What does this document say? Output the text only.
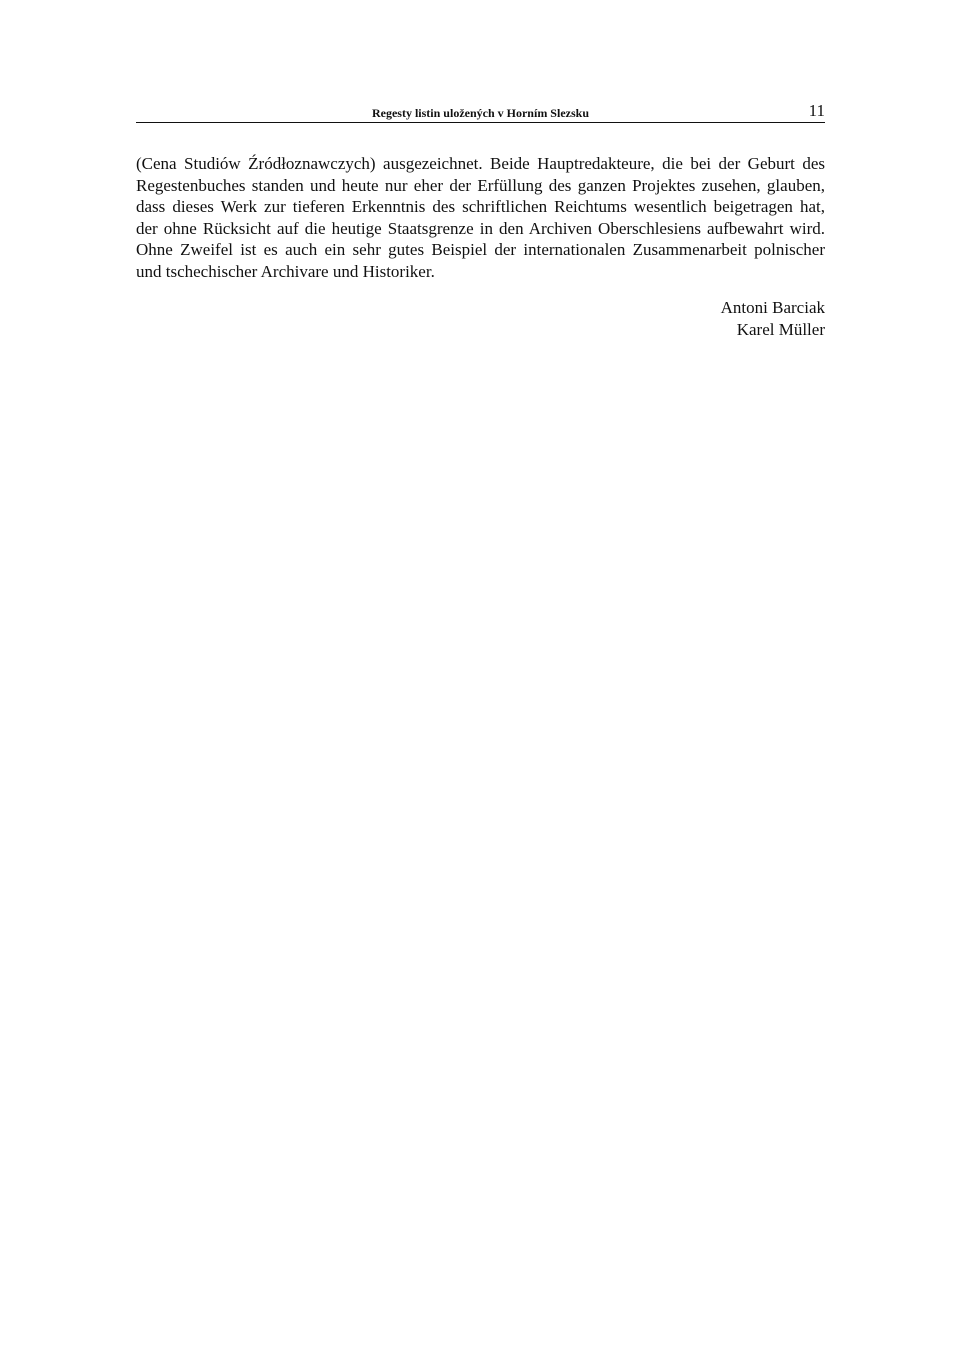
Regesty listin uložených v Horním Slezsku	11
(Cena Studiów Źródłoznawczych) ausgezeichnet. Beide Hauptredakteure, die bei der Geburt des
Regestenbuches standen und heute nur eher der Erfüllung des ganzen Projektes zusehen, glauben,
dass dieses Werk zur tieferen Erkenntnis des schriftlichen Reichtums wesentlich beigetragen hat,
der ohne Rücksicht auf die heutige Staatsgrenze in den Archiven Oberschlesiens aufbewahrt wird.
Ohne Zweifel ist es auch ein sehr gutes Beispiel der internationalen Zusammenarbeit polnischer
und tschechischer Archivare und Historiker.
Antoni Barciak
Karel Müller
